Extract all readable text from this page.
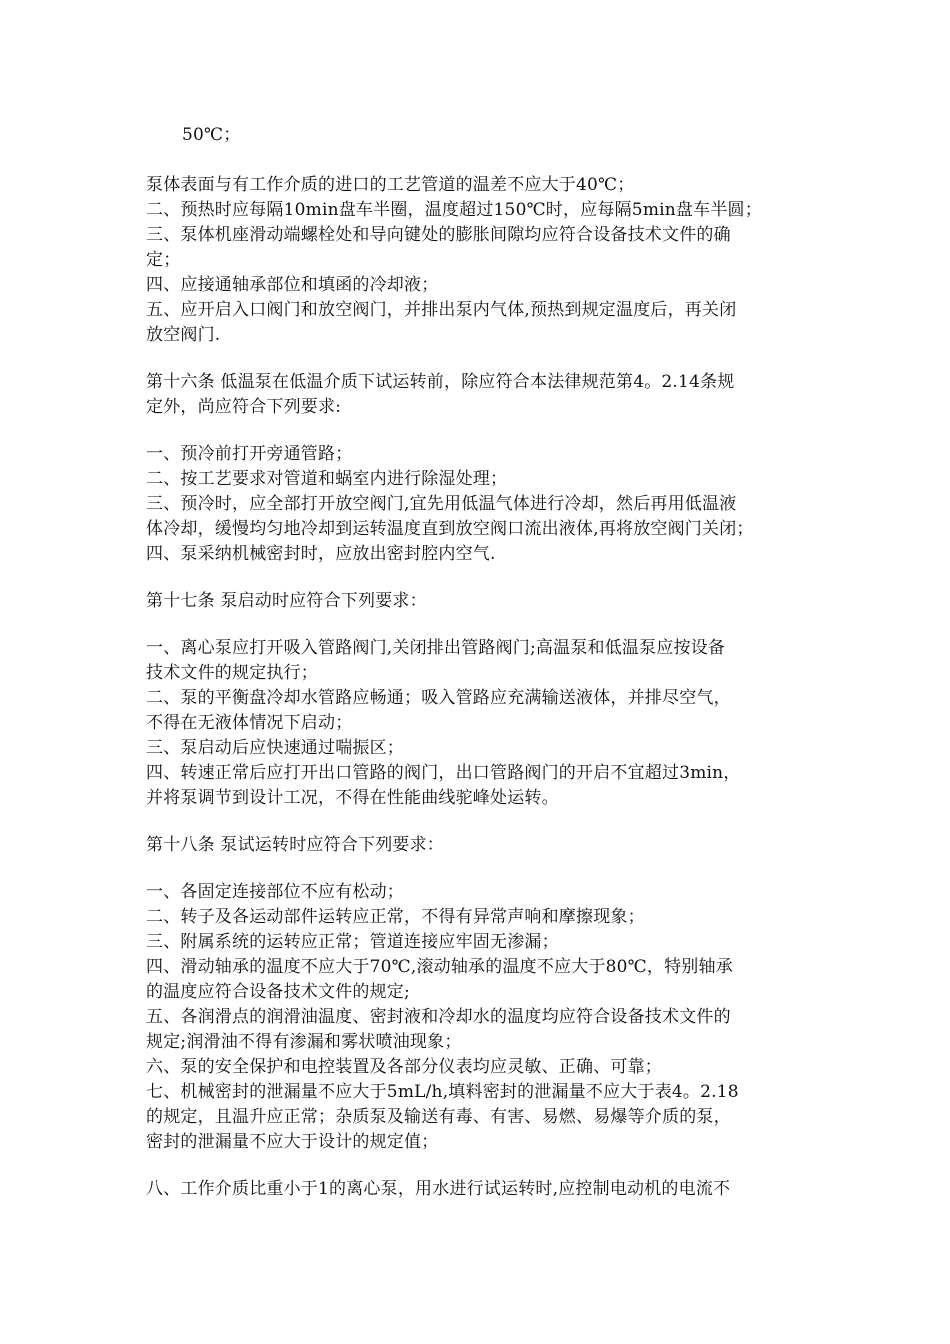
50℃；
泵体表面与有工作介质的进口的工艺管道的温差不应大于40℃；
二、预热时应每隔10min盘车半圈，温度超过150℃时，应每隔5min盘车半圆；
三、泵体机座滑动端螺栓处和导向键处的膨胀间隙均应符合设备技术文件的确
定；
四、应接通轴承部位和填函的冷却液；
五、应开启入口阀门和放空阀门，并排出泵内气体,预热到规定温度后，再关闭
放空阀门.
第十六条 低温泵在低温介质下试运转前，除应符合本法律规范第4。2.14条规
定外，尚应符合下列要求:
一、预冷前打开旁通管路；
二、按工艺要求对管道和蜗室内进行除湿处理；
三、预冷时，应全部打开放空阀门,宜先用低温气体进行冷却，然后再用低温液
体冷却，缓慢均匀地冷却到运转温度直到放空阀口流出液体,再将放空阀门关闭；
四、泵采纳机械密封时，应放出密封腔内空气.
第十七条 泵启动时应符合下列要求：
一、离心泵应打开吸入管路阀门,关闭排出管路阀门;高温泵和低温泵应按设备
技术文件的规定执行；
二、泵的平衡盘冷却水管路应畅通；吸入管路应充满输送液体，并排尽空气，
不得在无液体情况下启动；
三、泵启动后应快速通过喘振区；
四、转速正常后应打开出口管路的阀门，出口管路阀门的开启不宜超过3min，
并将泵调节到设计工况，不得在性能曲线驼峰处运转。
第十八条 泵试运转时应符合下列要求：
一、各固定连接部位不应有松动；
二、转子及各运动部件运转应正常，不得有异常声响和摩擦现象；
三、附属系统的运转应正常；管道连接应牢固无渗漏；
四、滑动轴承的温度不应大于70℃,滚动轴承的温度不应大于80℃，特别轴承
的温度应符合设备技术文件的规定;
五、各润滑点的润滑油温度、密封液和冷却水的温度均应符合设备技术文件的
规定;润滑油不得有渗漏和雾状喷油现象；
六、泵的安全保护和电控装置及各部分仪表均应灵敏、正确、可靠；
七、机械密封的泄漏量不应大于5mL/h,填料密封的泄漏量不应大于表4。2.18
的规定，且温升应正常；杂质泵及输送有毒、有害、易燃、易爆等介质的泵，
密封的泄漏量不应大于设计的规定值；
八、工作介质比重小于1的离心泵，用水进行试运转时,应控制电动机的电流不
